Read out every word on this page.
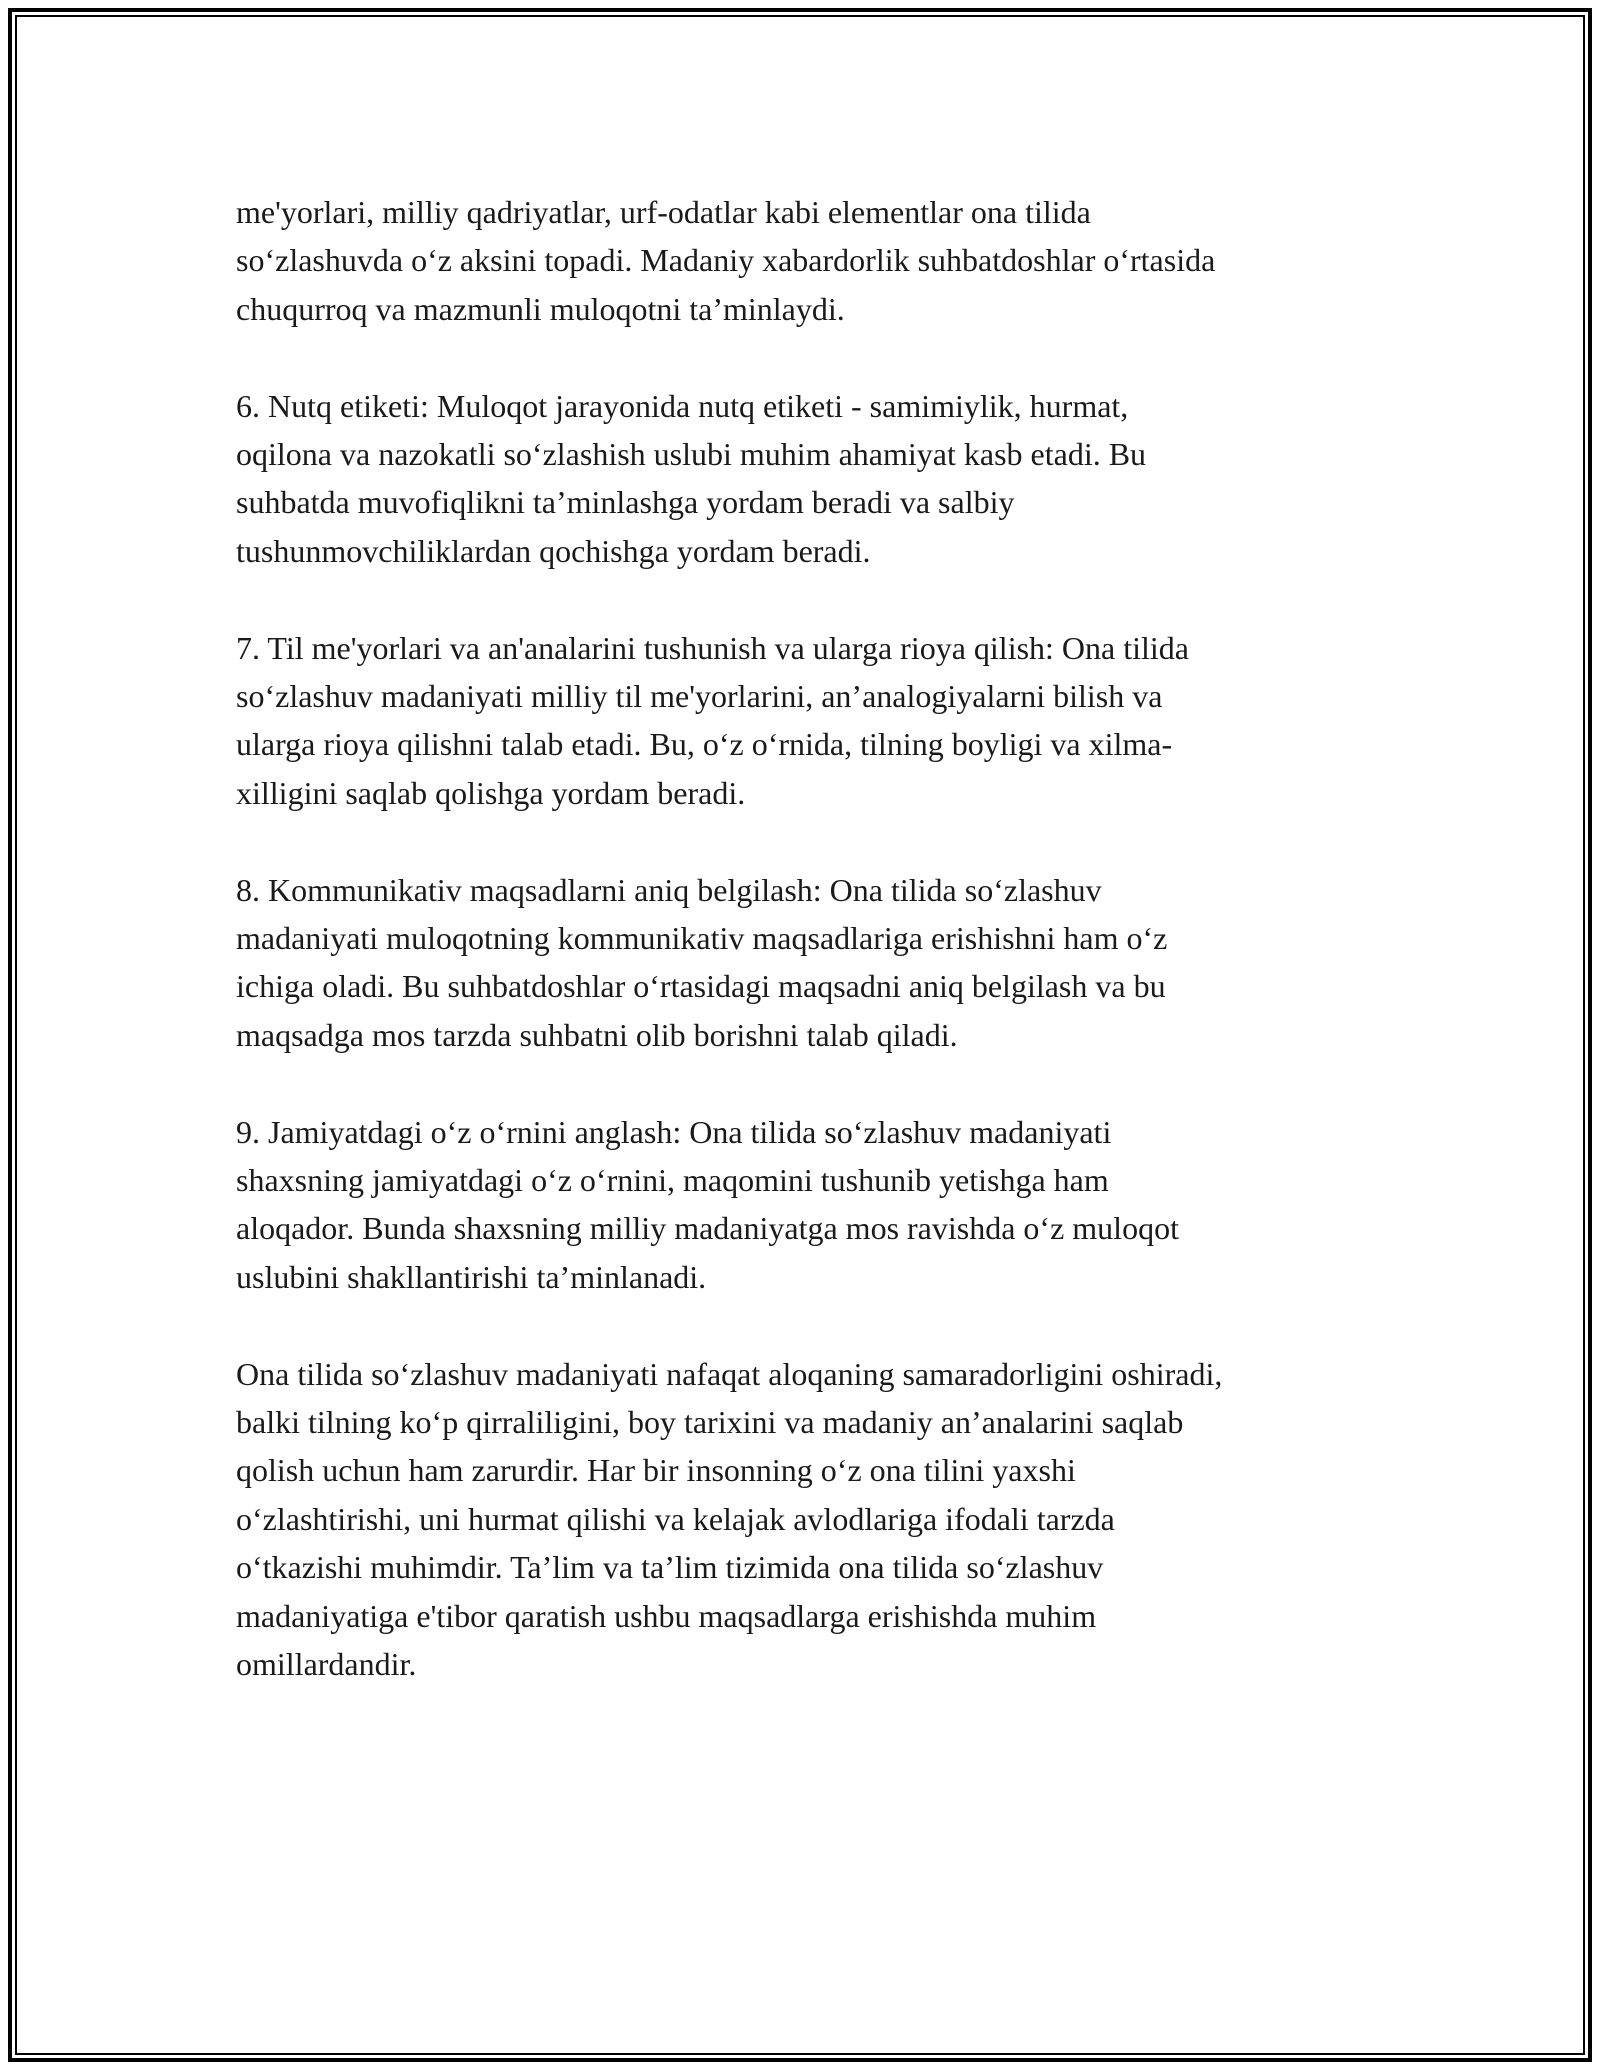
me'yorlari, milliy qadriyatlar, urf-odatlar kabi elementlar ona tilida
so‘zlashuvda o‘z aksini topadi. Madaniy xabardorlik suhbatdoshlar o‘rtasida
chuqurroq va mazmunli muloqotni ta’minlaydi.

6. Nutq etiketi: Muloqot jarayonida nutq etiketi - samimiylik, hurmat,
oqilona va nazokatli so‘zlashish uslubi muhim ahamiyat kasb etadi. Bu
suhbatda muvofiqlikni ta’minlashga yordam beradi va salbiy
tushunmovchiliklardan qochishga yordam beradi.

7. Til me'yorlari va an'analarini tushunish va ularga rioya qilish: Ona tilida
so‘zlashuv madaniyati milliy til me'yorlarini, an’analogiyalarni bilish va
ularga rioya qilishni talab etadi. Bu, o‘z o‘rnida, tilning boyligi va xilma-
xilligini saqlab qolishga yordam beradi.

8. Kommunikativ maqsadlarni aniq belgilash: Ona tilida so‘zlashuv
madaniyati muloqotning kommunikativ maqsadlariga erishishni ham o‘z
ichiga oladi. Bu suhbatdoshlar o‘rtasidagi maqsadni aniq belgilash va bu
maqsadga mos tarzda suhbatni olib borishni talab qiladi.

9. Jamiyatdagi o‘z o‘rnini anglash: Ona tilida so‘zlashuv madaniyati
shaxsning jamiyatdagi o‘z o‘rnini, maqomini tushunib yetishga ham
aloqador. Bunda shaxsning milliy madaniyatga mos ravishda o‘z muloqot
uslubini shakllantirishi ta’minlanadi.

Ona tilida so‘zlashuv madaniyati nafaqat aloqaning samaradorligini oshiradi,
balki tilning ko‘p qirraliligini, boy tarixini va madaniy an’analarini saqlab
qolish uchun ham zarurdir. Har bir insonning o‘z ona tilini yaxshi
o‘zlashtirishi, uni hurmat qilishi va kelajak avlodlariga ifodali tarzda
o‘tkazishi muhimdir. Ta’lim va ta’lim tizimida ona tilida so‘zlashuv
madaniyatiga e'tibor qaratish ushbu maqsadlarga erishishda muhim
omillardandir.
